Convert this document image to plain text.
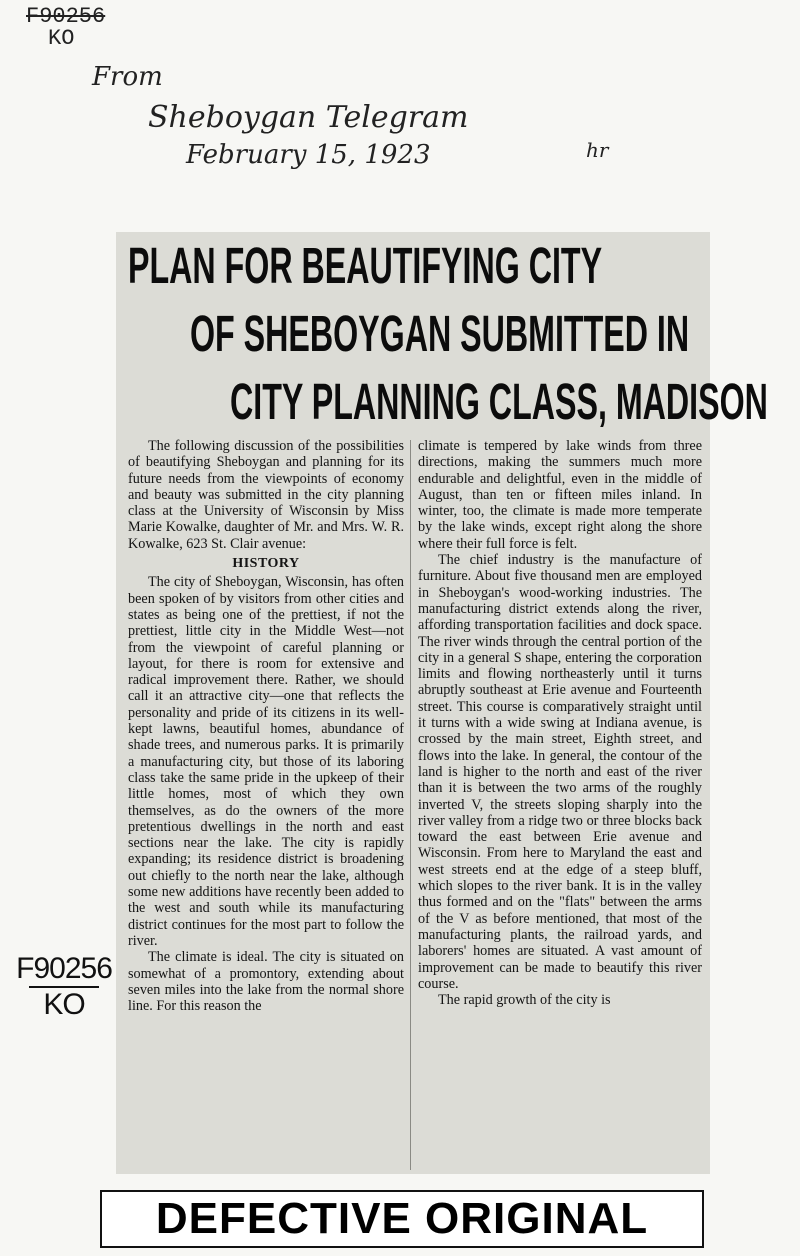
F90256
KO
From
Sheboygan Telegram
February 15, 1923	hr
F90256
KO
PLAN FOR BEAUTIFYING CITY
OF SHEBOYGAN SUBMITTED IN
CITY PLANNING CLASS, MADISON

The following discussion of the possibilities of beautifying Sheboygan and planning for its future needs from the viewpoints of economy and beauty was submitted in the city planning class at the University of Wisconsin by Miss Marie Kowalke, daughter of Mr. and Mrs. W. R. Kowalke, 623 St. Clair avenue:

HISTORY

The city of Sheboygan, Wisconsin, has often been spoken of by visitors from other cities and states as being one of the prettiest, if not the prettiest, little city in the Middle West—not from the viewpoint of careful planning or layout, for there is room for extensive and radical improvement there. Rather, we should call it an attractive city—one that reflects the personality and pride of its citizens in its well-kept lawns, beautiful homes, abundance of shade trees, and numerous parks. It is primarily a manufacturing city, but those of its laboring class take the same pride in the upkeep of their little homes, most of which they own themselves, as do the owners of the more pretentious dwellings in the north and east sections near the lake. The city is rapidly expanding; its residence district is broadening out chiefly to the north near the lake, although some new additions have recently been added to the west and south while its manufacturing district continues for the most part to follow the river.

The climate is ideal. The city is situated on somewhat of a promontory, extending about seven miles into the lake from the normal shore line. For this reason the

climate is tempered by lake winds from three directions, making the summers much more endurable and delightful, even in the middle of August, than ten or fifteen miles inland. In winter, too, the climate is made more temperate by the lake winds, except right along the shore where their full force is felt.

The chief industry is the manufacture of furniture. About five thousand men are employed in Sheboygan's wood-working industries. The manufacturing district extends along the river, affording transportation facilities and dock space. The river winds through the central portion of the city in a general S shape, entering the corporation limits and flowing northeasterly until it turns abruptly southeast at Erie avenue and Fourteenth street. This course is comparatively straight until it turns with a wide swing at Indiana avenue, is crossed by the main street, Eighth street, and flows into the lake. In general, the contour of the land is higher to the north and east of the river than it is between the two arms of the roughly inverted V, the streets sloping sharply into the river valley from a ridge two or three blocks back toward the east between Erie avenue and Wisconsin. From here to Maryland the east and west streets end at the edge of a steep bluff, which slopes to the river bank. It is in the valley thus formed and on the "flats" between the arms of the V as before mentioned, that most of the manufacturing plants, the railroad yards, and laborers' homes are situated. A vast amount of improvement can be made to beautify this river course.

The rapid growth of the city is

DEFECTIVE ORIGINAL
